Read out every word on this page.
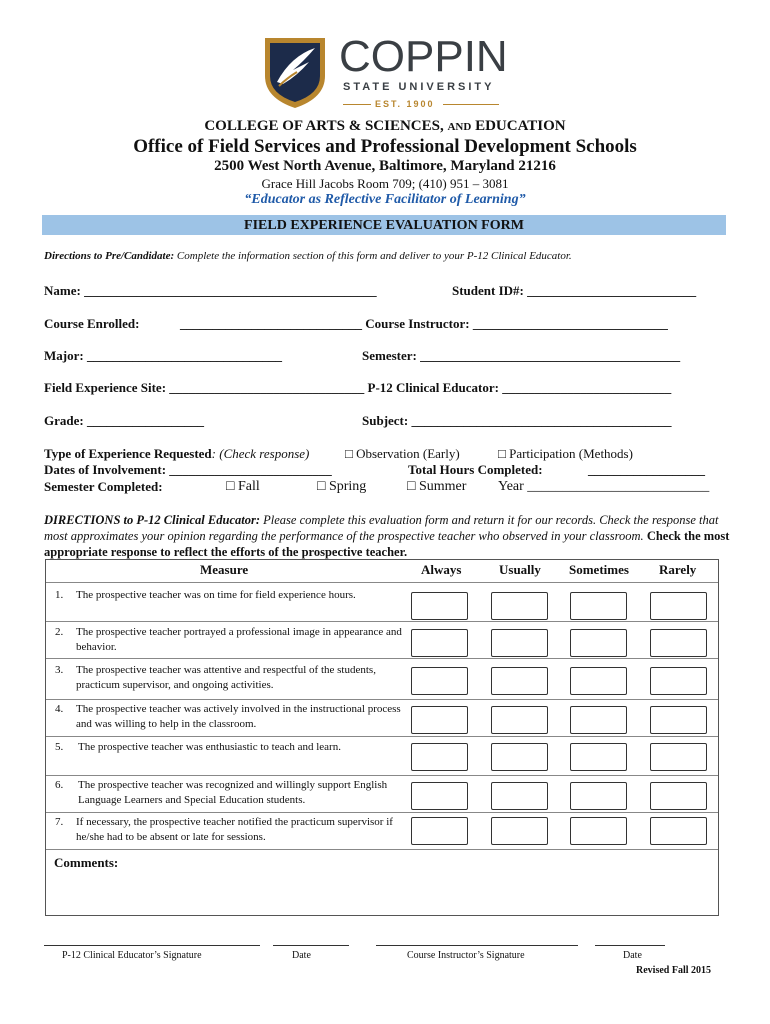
COPPIN
STATE UNIVERSITY
EST. 1900
COLLEGE OF ARTS & SCIENCES, AND EDUCATION
Office of Field Services and Professional Development Schools
2500 West North Avenue, Baltimore, Maryland 21216
Grace Hill Jacobs Room 709; (410) 951 – 3081
“Educator as Reflective Facilitator of Learning”
FIELD EXPERIENCE EVALUATION FORM
Directions to Pre/Candidate: Complete the information section of this form and deliver to your P-12 Clinical Educator.
Name: _____________________________________________	Student ID#: __________________________
Course Enrolled:	____________________________ Course Instructor: ______________________________
Major: ______________________________	Semester: ________________________________________
Field Experience Site: ______________________________ P-12 Clinical Educator: __________________________
Grade: __________________	Subject: ________________________________________
Type of Experience Requested: (Check response)	□ Observation (Early)	□ Participation (Methods)
Dates of Involvement: _________________________	Total Hours Completed:	__________________
Semester Completed:	□ Fall	□ Spring	□ Summer Year __________________________
DIRECTIONS to P-12 Clinical Educator: Please complete this evaluation form and return it for our records. Check the response that most approximates your opinion regarding the performance of the prospective teacher who observed in your classroom. Check the most appropriate response to reflect the efforts of the prospective teacher.
Measure	Always	Usually Sometimes Rarely
1. The prospective teacher was on time for field experience hours.
2. The prospective teacher portrayed a professional image in appearance and behavior.
3. The prospective teacher was attentive and respectful of the students, practicum supervisor, and ongoing activities.
4. The prospective teacher was actively involved in the instructional process and was willing to help in the classroom.
5. The prospective teacher was enthusiastic to teach and learn.
6. The prospective teacher was recognized and willingly support English Language Learners and Special Education students.
7. If necessary, the prospective teacher notified the practicum supervisor if he/she had to be absent or late for sessions.
Comments:
P-12 Clinical Educator’s Signature	Date	Course Instructor’s Signature	Date
Revised Fall 2015
